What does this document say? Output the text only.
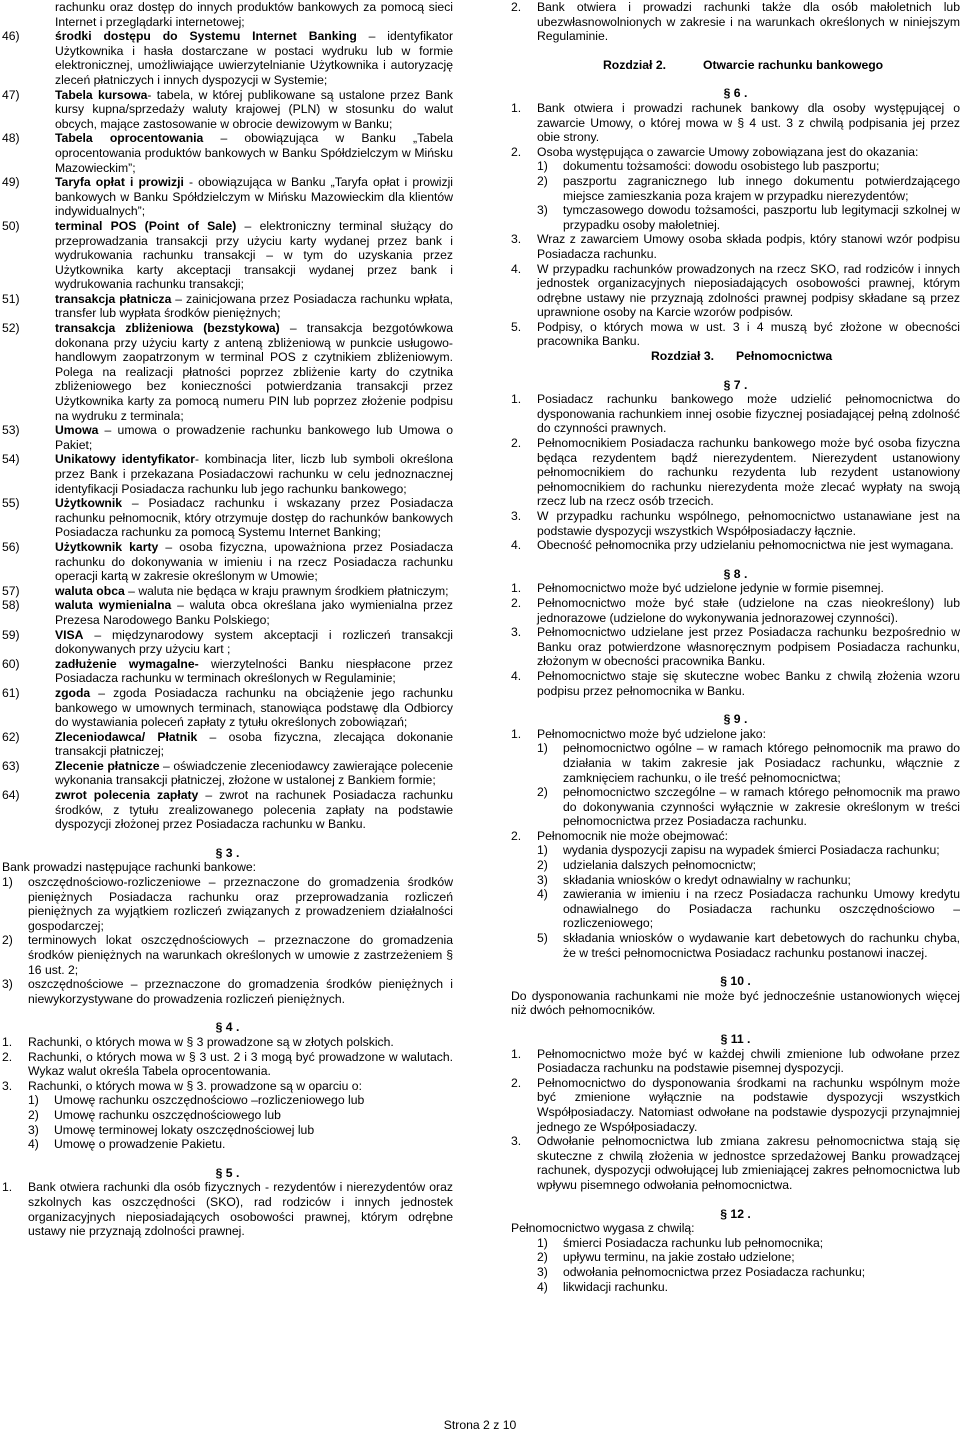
rachunku oraz dostęp do innych produktów bankowych za pomocą sieci Internet i przeglądarki internetowej;
46)	środki dostępu do Systemu Internet Banking – identyfikator Użytkownika i hasła dostarczane w postaci wydruku lub w formie elektronicznej, umożliwiające uwierzytelnianie Użytkownika i autoryzację zleceń płatniczych i innych dyspozycji w Systemie;
47)	Tabela kursowa- tabela, w której publikowane są ustalone przez Bank kursy kupna/sprzedaży waluty krajowej (PLN) w stosunku do walut obcych, mające zastosowanie w obrocie dewizowym w Banku;
48)	Tabela oprocentowania – obowiązująca w Banku „Tabela oprocentowania produktów bankowych w Banku Spółdzielczym w Mińsku Mazowieckim”;
49)	Taryfa opłat i prowizji - obowiązująca w Banku „Taryfa opłat i prowizji bankowych w Banku Spółdzielczym w Mińsku Mazowieckim dla klientów indywidualnych”;
50)	terminal POS (Point of Sale) – elektroniczny terminal służący do przeprowadzania transakcji przy użyciu karty wydanej przez bank i wydrukowania rachunku transakcji – w tym do uzyskania przez Użytkownika karty akceptacji transakcji wydanej przez bank i wydrukowania rachunku transakcji;
51)	transakcja płatnicza – zainicjowana przez Posiadacza rachunku wpłata, transfer lub wypłata środków pieniężnych;
52)	transakcja zbliżeniowa (bezstykowa) – transakcja bezgotówkowa dokonana przy użyciu karty z anteną zbliżeniową w punkcie usługowo-handlowym zaopatrzonym w terminal POS z czytnikiem zbliżeniowym. Polega na realizacji płatności poprzez zbliżenie karty do czytnika zbliżeniowego bez konieczności potwierdzania transakcji przez Użytkownika karty za pomocą numeru PIN lub poprzez złożenie podpisu na wydruku z terminala;
53)	Umowa – umowa o prowadzenie rachunku bankowego lub Umowa o Pakiet;
54)	Unikatowy identyfikator- kombinacja liter, liczb lub symboli określona przez Bank i przekazana Posiadaczowi rachunku w celu jednoznacznej identyfikacji Posiadacza rachunku lub jego rachunku bankowego;
55)	Użytkownik – Posiadacz rachunku i wskazany przez Posiadacza rachunku pełnomocnik, który otrzymuje dostęp do rachunków bankowych Posiadacza rachunku za pomocą Systemu Internet Banking;
56)	Użytkownik karty – osoba fizyczna, upoważniona przez Posiadacza rachunku do dokonywania w imieniu i na rzecz Posiadacza rachunku operacji kartą w zakresie określonym w Umowie;
57)	waluta obca – waluta nie będąca w kraju prawnym środkiem płatniczym;
58)	waluta wymienialna – waluta obca określana jako wymienialna przez Prezesa Narodowego Banku Polskiego;
59)	VISA – międzynarodowy system akceptacji i rozliczeń transakcji dokonywanych przy użyciu kart ;
60)	zadłużenie wymagalne- wierzytelności Banku niespłacone przez Posiadacza rachunku w terminach określonych w Regulaminie;
61)	zgoda – zgoda Posiadacza rachunku na obciążenie jego rachunku bankowego w umownych terminach, stanowiąca podstawę dla Odbiorcy do wystawiania poleceń zapłaty z tytułu określonych zobowiązań;
62)	Zleceniodawca/ Płatnik – osoba fizyczna, zlecająca dokonanie transakcji płatniczej;
63)	Zlecenie płatnicze – oświadczenie zleceniodawcy zawierające polecenie wykonania transakcji płatniczej, złożone w ustalonej z Bankiem formie;
64)	zwrot polecenia zapłaty – zwrot na rachunek Posiadacza rachunku środków, z tytułu zrealizowanego polecenia zapłaty na podstawie dyspozycji złożonej przez Posiadacza rachunku w Banku.
§ 3 .
Bank prowadzi następujące rachunki bankowe:
1) oszczędnościowo-rozliczeniowe – przeznaczone do gromadzenia środków pieniężnych Posiadacza rachunku oraz przeprowadzania rozliczeń pieniężnych za wyjątkiem rozliczeń związanych z prowadzeniem działalności gospodarczej;
2) terminowych lokat oszczędnościowych – przeznaczone do gromadzenia środków pieniężnych na warunkach określonych w umowie z zastrzeżeniem § 16 ust. 2;
3) oszczędnościowe – przeznaczone do gromadzenia środków pieniężnych i niewykorzystywane do prowadzenia rozliczeń pieniężnych.
§ 4 .
1. Rachunki, o których mowa w § 3 prowadzone są w złotych polskich.
2. Rachunki, o których mowa w § 3 ust. 2 i 3 mogą być prowadzone w walutach. Wykaz walut określa Tabela oprocentowania.
3. Rachunki, o których mowa w § 3. prowadzone są w oparciu o:
1) Umowę rachunku oszczędnościowo –rozliczeniowego lub
2) Umowę rachunku oszczędnościowego lub
3) Umowę terminowej lokaty oszczędnościowej lub
4) Umowę o prowadzenie Pakietu.
§ 5 .
1. Bank otwiera rachunki dla osób fizycznych - rezydentów i nierezydentów oraz szkolnych kas oszczędności (SKO), rad rodziców i innych jednostek organizacyjnych nieposiadających osobowości prawnej, którym odrębne ustawy nie przyznają zdolności prawnej.
2. Bank otwiera i prowadzi rachunki także dla osób małoletnich lub ubezwłasnowolnionych w zakresie i na warunkach określonych w niniejszym Regulaminie.
Rozdział 2.	Otwarcie rachunku bankowego
§ 6 .
1. Bank otwiera i prowadzi rachunek bankowy dla osoby występującej o zawarcie Umowy, o której mowa w § 4 ust. 3 z chwilą podpisania jej przez obie strony.
2. Osoba występująca o zawarcie Umowy zobowiązana jest do okazania:
1) dokumentu tożsamości: dowodu osobistego lub paszportu;
2) paszportu zagranicznego lub innego dokumentu potwierdzającego miejsce zamieszkania poza krajem w przypadku nierezydentów;
3) tymczasowego dowodu tożsamości, paszportu lub legitymacji szkolnej w przypadku osoby małoletniej.
3. Wraz z zawarciem Umowy osoba składa podpis, który stanowi wzór podpisu Posiadacza rachunku.
4. W przypadku rachunków prowadzonych na rzecz SKO, rad rodziców i innych jednostek organizacyjnych nieposiadających osobowości prawnej, którym odrębne ustawy nie przyznają zdolności prawnej podpisy składane są przez uprawnione osoby na Karcie wzorów podpisów.
5. Podpisy, o których mowa w ust. 3 i 4 muszą być złożone w obecności pracownika Banku.
Rozdział 3. Pełnomocnictwa
§ 7 .
1. Posiadacz rachunku bankowego może udzielić pełnomocnictwa do dysponowania rachunkiem innej osobie fizycznej posiadającej pełną zdolność do czynności prawnych.
2. Pełnomocnikiem Posiadacza rachunku bankowego może być osoba fizyczna będąca rezydentem bądź nierezydentem. Nierezydent ustanowiony pełnomocnikiem do rachunku rezydenta lub rezydent ustanowiony pełnomocnikiem do rachunku nierezydenta może zlecać wypłaty na swoją rzecz lub na rzecz osób trzecich.
3. W przypadku rachunku wspólnego, pełnomocnictwo ustanawiane jest na podstawie dyspozycji wszystkich Współposiadaczy łącznie.
4. Obecność pełnomocnika przy udzielaniu pełnomocnictwa nie jest wymagana.
§ 8 .
1. Pełnomocnictwo może być udzielone jedynie w formie pisemnej.
2. Pełnomocnictwo może być stałe (udzielone na czas nieokreślony) lub jednorazowe (udzielone do wykonywania jednorazowej czynności).
3. Pełnomocnictwo udzielane jest przez Posiadacza rachunku bezpośrednio w Banku oraz potwierdzone własnoręcznym podpisem Posiadacza rachunku, złożonym w obecności pracownika Banku.
4. Pełnomocnictwo staje się skuteczne wobec Banku z chwilą złożenia wzoru podpisu przez pełnomocnika w Banku.
§ 9 .
1. Pełnomocnictwo może być udzielone jako:
1) pełnomocnictwo ogólne – w ramach którego pełnomocnik ma prawo do działania w takim zakresie jak Posiadacz rachunku, włącznie z zamknięciem rachunku, o ile treść pełnomocnictwa;
2) pełnomocnictwo szczególne – w ramach którego pełnomocnik ma prawo do dokonywania czynności wyłącznie w zakresie określonym w treści pełnomocnictwa przez Posiadacza rachunku.
2. Pełnomocnik nie może obejmować:
1) wydania dyspozycji zapisu na wypadek śmierci Posiadacza rachunku;
2) udzielania dalszych pełnomocnictw;
3) składania wniosków o kredyt odnawialny w rachunku;
4) zawierania w imieniu i na rzecz Posiadacza rachunku Umowy kredytu odnawialnego do Posiadacza rachunku oszczędnościowo –rozliczeniowego;
5) składania wniosków o wydawanie kart debetowych do rachunku chyba, że w treści pełnomocnictwa Posiadacz rachunku postanowi inaczej.
§ 10 .
Do dysponowania rachunkami nie może być jednocześnie ustanowionych więcej niż dwóch pełnomocników.
§ 11 .
1. Pełnomocnictwo może być w każdej chwili zmienione lub odwołane przez Posiadacza rachunku na podstawie pisemnej dyspozycji.
2. Pełnomocnictwo do dysponowania środkami na rachunku wspólnym może być zmienione wyłącznie na podstawie dyspozycji wszystkich Współposiadaczy. Natomiast odwołane na podstawie dyspozycji przynajmniej jednego ze Współposiadaczy.
3. Odwołanie pełnomocnictwa lub zmiana zakresu pełnomocnictwa stają się skuteczne z chwilą złożenia w jednostce sprzedażowej Banku prowadzącej rachunek, dyspozycji odwołującej lub zmieniającej zakres pełnomocnictwa lub wpływu pisemnego odwołania pełnomocnictwa.
§ 12 .
Pełnomocnictwo wygasa z chwilą:
1) śmierci Posiadacza rachunku lub pełnomocnika;
2) upływu terminu, na jakie zostało udzielone;
3) odwołania pełnomocnictwa przez Posiadacza rachunku;
4) likwidacji rachunku.
Strona 2 z 10
